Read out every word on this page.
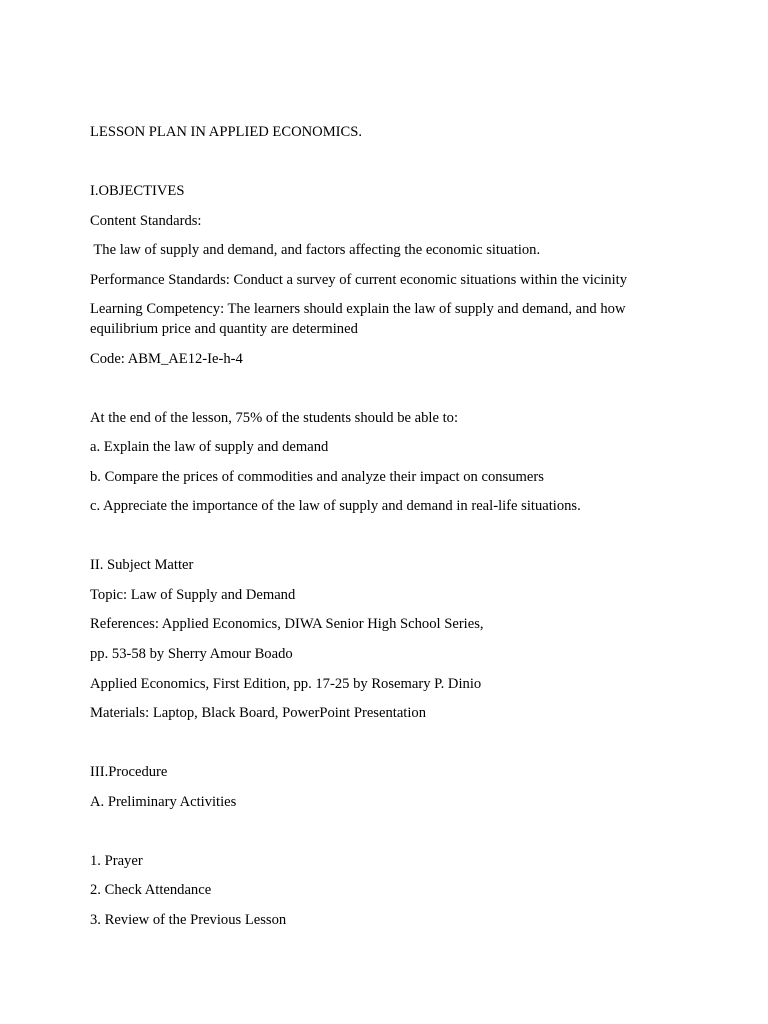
LESSON PLAN IN APPLIED ECONOMICS.
I.OBJECTIVES
Content Standards:
The law of supply and demand, and factors affecting the economic situation.
Performance Standards: Conduct a survey of current economic situations within the vicinity
Learning Competency: The learners should explain the law of supply and demand, and how equilibrium price and quantity are determined
Code: ABM_AE12-Ie-h-4
At the end of the lesson, 75% of the students should be able to:
a. Explain the law of supply and demand
b. Compare the prices of commodities and analyze their impact on consumers
c. Appreciate the importance of the law of supply and demand in real-life situations.
II. Subject Matter
Topic: Law of Supply and Demand
References: Applied Economics, DIWA Senior High School Series,
pp. 53-58 by Sherry Amour Boado
Applied Economics, First Edition, pp. 17-25 by Rosemary P. Dinio
Materials: Laptop, Black Board, PowerPoint Presentation
III.Procedure
A. Preliminary Activities
1. Prayer
2. Check Attendance
3. Review of the Previous Lesson
